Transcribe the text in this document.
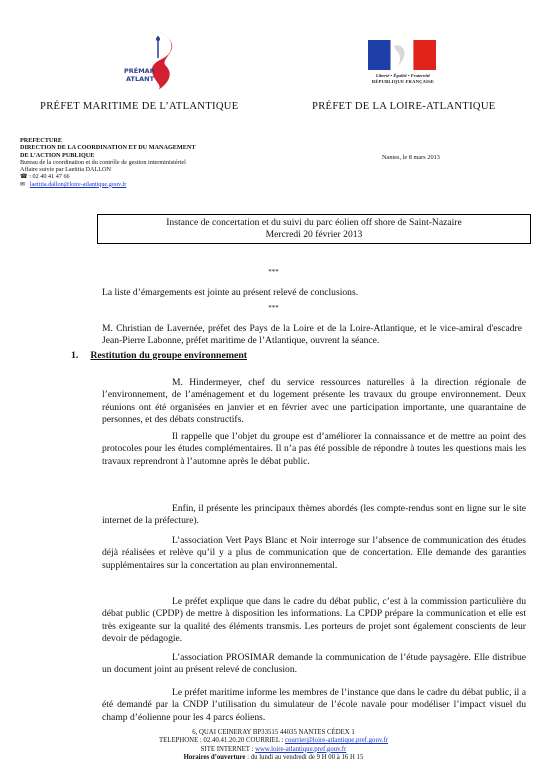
PRÉMAR
ATLANT	Liberté • Égalité • Fraternité
RÉPUBLIQUE FRANÇAISE
PRÉFET MARITIME DE L’ATLANTIQUE	PRÉFET DE LA LOIRE-ATLANTIQUE
PREFECTURE
DIRECTION DE LA COORDINATION ET DU MANAGEMENT
DE L’ACTION PUBLIQUE
Bureau de la coordination et du contrôle de gestion interministériel
Affaire suivie par Laetitia DALLON
☎ : 02 40 41 47 66
✉ laetitia.dallon@loire-atlantique.gouv.fr
Nantes, le 8 mars 2013
Instance de concertation et du suivi du parc éolien off shore de Saint-Nazaire
Mercredi 20 février 2013
***
La liste d’émargements est jointe au présent relevé de conclusions.
***
M. Christian de Lavernée, préfet des Pays de la Loire et de la Loire-Atlantique, et le vice-amiral d'escadre Jean-Pierre Labonne, préfet maritime de l’Atlantique, ouvrent la séance.
1. Restitution du groupe environnement
M. Hindermeyer, chef du service ressources naturelles à la direction régionale de l’environnement, de l’aménagement et du logement présente les travaux du groupe environnement. Deux réunions ont été organisées en janvier et en février avec une participation importante, une quarantaine de personnes, et des débats constructifs.
Il rappelle que l’objet du groupe est d’améliorer la connaissance et de mettre au point des protocoles pour les études complémentaires. Il n’a pas été possible de répondre à toutes les questions mais les travaux reprendront à l’automne après le débat public.
Enfin, il présente les principaux thèmes abordés (les compte-rendus sont en ligne sur le site internet de la préfecture).
L’association Vert Pays Blanc et Noir interroge sur l’absence de communication des études déjà réalisées et relève qu’il y a plus de communication que de concertation. Elle demande des garanties supplémentaires sur la concertation au plan environnemental.
Le préfet explique que dans le cadre du débat public, c’est à la commission particulière du débat public (CPDP) de mettre à disposition les informations. La CPDP prépare la communication et elle est très exigeante sur la qualité des éléments transmis. Les porteurs de projet sont également conscients de leur devoir de pédagogie.
L’association PROSIMAR demande la communication de l’étude paysagère. Elle distribue un document joint au présent relevé de conclusion.
Le préfet maritime informe les membres de l’instance que dans le cadre du débat public, il a été demandé par la CNDP l’utilisation du simulateur de l’école navale pour modéliser l’impact visuel du champ d’éolienne pour les 4 parcs éoliens.
6, QUAI CEINERAY BP33515 44035 NANTES CÉDEX 1
TELEPHONE : 02.40.41.20.20 COURRIEL : courrier@loire-atlantique.pref.gouv.fr
SITE INTERNET : www.loire-atlantique.pref.gouv.fr
Horaires d’ouverture : du lundi au vendredi de 9 H 00 à 16 H 15
